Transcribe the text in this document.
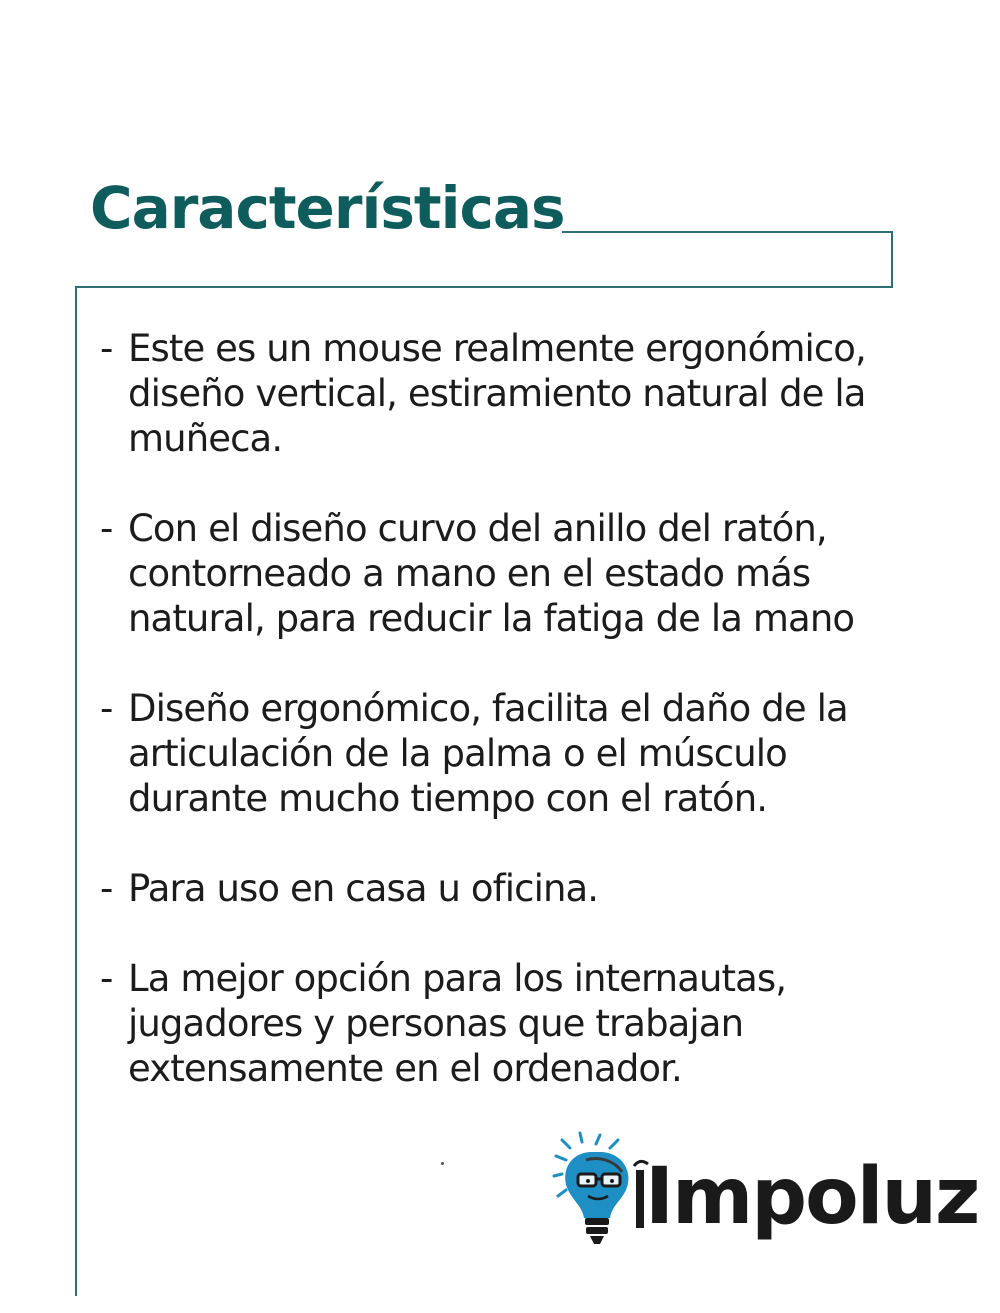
Características
- Este es un mouse realmente ergonómico, diseño vertical, estiramiento natural de la muñeca.
- Con el diseño curvo del anillo del ratón, contorneado a mano en el estado más natural, para reducir la fatiga de la mano
- Diseño ergonómico, facilita el daño de la articulación de la palma o el músculo durante mucho tiempo con el ratón.
- Para uso en casa u oficina.
- La mejor opción para los internautas, jugadores y personas que trabajan extensamente en el ordenador.
Impoluz
